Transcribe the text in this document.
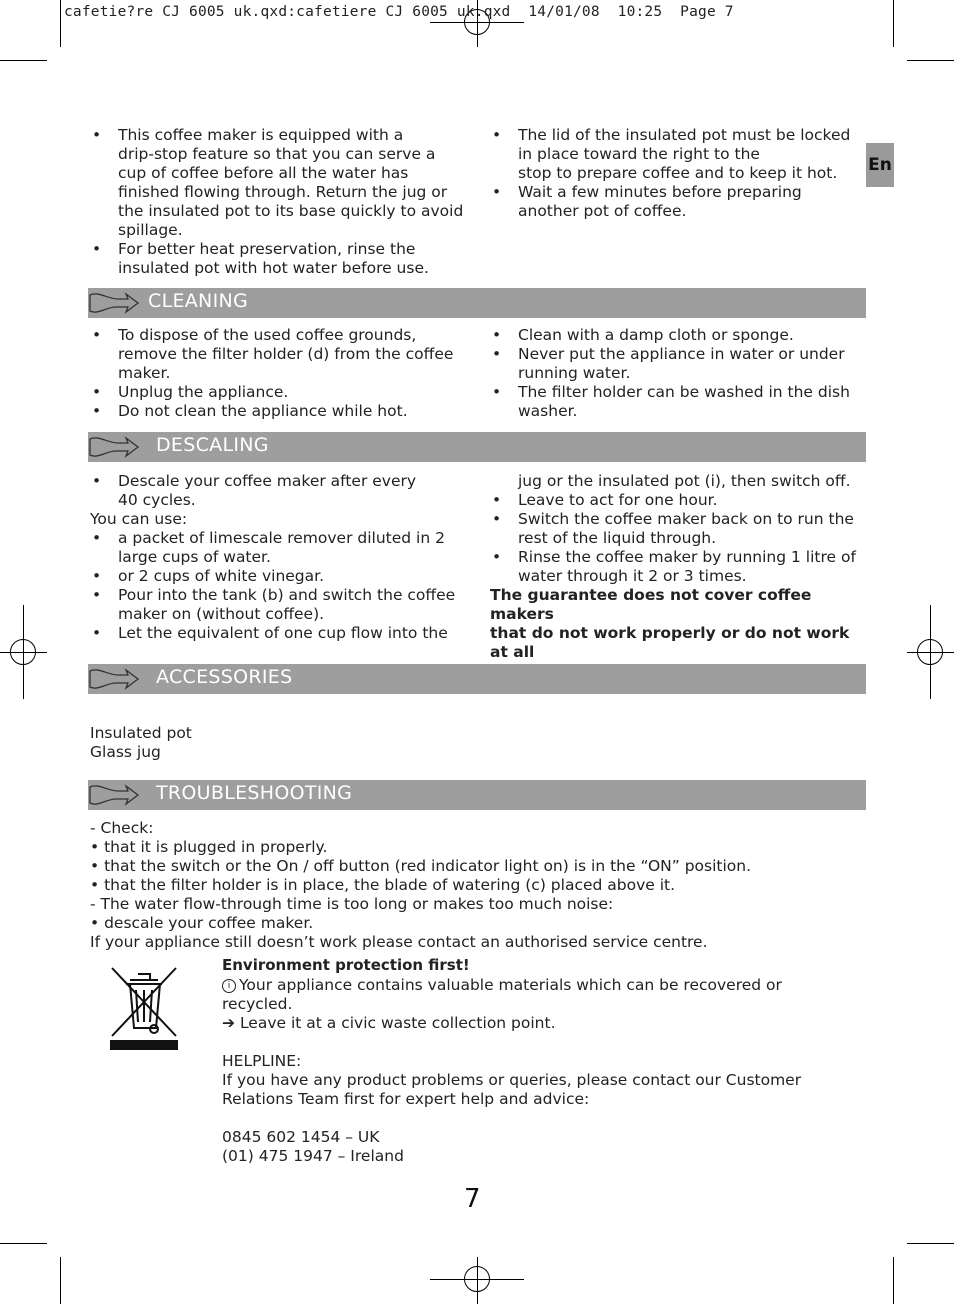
cafetie?re CJ 6005 uk.qxd:cafetiere CJ 6005 uk.qxd  14/01/08  10:25  Page 7
En
• This coffee maker is equipped with a
drip-stop feature so that you can serve a
cup of coffee before all the water has
finished flowing through. Return the jug or
the insulated pot to its base quickly to avoid
spillage.
• For better heat preservation, rinse the
insulated pot with hot water before use.
• The lid of the insulated pot must be locked
in place toward the right to the
stop to prepare coffee and to keep it hot.
• Wait a few minutes before preparing
another pot of coffee.
CLEANING
• To dispose of the used coffee grounds,
remove the filter holder (d) from the coffee
maker.
• Unplug the appliance.
• Do not clean the appliance while hot.
• Clean with a damp cloth or sponge.
• Never put the appliance in water or under
running water.
• The filter holder can be washed in the dish
washer.
DESCALING
• Descale your coffee maker after every
40 cycles.
You can use:
• a packet of limescale remover diluted in 2
large cups of water.
• or 2 cups of white vinegar.
• Pour into the tank (b) and switch the coffee
maker on (without coffee).
• Let the equivalent of one cup flow into the
jug or the insulated pot (i), then switch off.
• Leave to act for one hour.
• Switch the coffee maker back on to run the
rest of the liquid through.
• Rinse the coffee maker by running 1 litre of
water through it 2 or 3 times.
The guarantee does not cover coffee makers
that do not work properly or do not work at all
ACCESSORIES
Insulated pot
Glass jug
TROUBLESHOOTING
- Check:
• that it is plugged in properly.
• that the switch or the On / off button (red indicator light on) is in the “ON” position.
• that the filter holder is in place, the blade of watering (c) placed above it.
- The water flow-through time is too long or makes too much noise:
• descale your coffee maker.
If your appliance still doesn’t work please contact an authorised service centre.
Environment protection first!
i Your appliance contains valuable materials which can be recovered or
recycled.
➔ Leave it at a civic waste collection point.
HELPLINE:
If you have any product problems or queries, please contact our Customer
Relations Team first for expert help and advice:
0845 602 1454 – UK
(01) 475 1947 – Ireland
7
